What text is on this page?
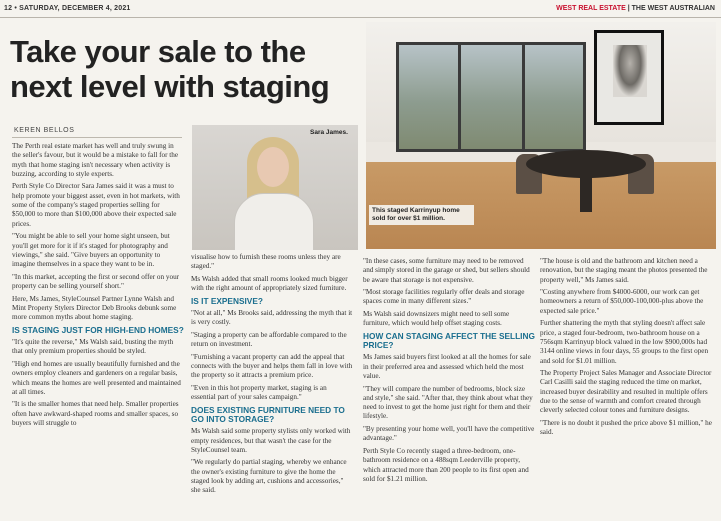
12 • SATURDAY, DECEMBER 4, 2021	WEST REAL ESTATE | THE WEST AUSTRALIAN
Take your sale to the next level with staging
KEREN BELLOS	Sara James.
This staged Karrinyup home sold for over $1 million.

The Perth real estate market has well and truly swung in the seller's favour, but it would be a mistake to fall for the myth that home staging isn't necessary when activity is buzzing, according to style experts.

Perth Style Co Director Sara James said it was a must to help promote your biggest asset, even in hot markets, with some of the company's staged properties selling for $50,000 to more than $100,000 above their expected sale prices.

"You might be able to sell your home sight unseen, but you'll get more for it if it's staged for photography and viewings," she said. "Give buyers an opportunity to imagine themselves in a space they want to be in.

"In this market, accepting the first or second offer on your property can be selling yourself short."

Here, Ms James, StyleCounsel Partner Lynne Walsh and Mint Property Stylers Director Deb Brooks debunk some more common myths about home staging.

IS STAGING JUST FOR HIGH-END HOMES?

"It's quite the reverse," Ms Walsh said, busting the myth that only premium properties should be styled.

"High end homes are usually beautifully furnished and the owners employ cleaners and gardeners on a regular basis, which means the homes are well presented and maintained at all times.

"It is the smaller homes that need help. Smaller properties often have awkward-shaped rooms and smaller spaces, so buyers will struggle to

visualise how to furnish these rooms unless they are staged."

Ms Walsh added that small rooms looked much bigger with the right amount of appropriately sized furniture.

IS IT EXPENSIVE?

"Not at all," Ms Brooks said, addressing the myth that it is very costly.

"Staging a property can be affordable compared to the return on investment.

"Furnishing a vacant property can add the appeal that connects with the buyer and helps them fall in love with the property so it attracts a premium price.

"Even in this hot property market, staging is an essential part of your sales campaign."

DOES EXISTING FURNITURE NEED TO GO INTO STORAGE?

Ms Walsh said some property stylists only worked with empty residences, but that wasn't the case for the StyleCounsel team.

"We regularly do partial staging, whereby we enhance the owner's existing furniture to give the home the staged look by adding art, cushions and accessories," she said.

"In these cases, some furniture may need to be removed and simply stored in the garage or shed, but sellers should be aware that storage is not expensive.

"Most storage facilities regularly offer deals and storage spaces come in many different sizes."

Ms Walsh said downsizers might need to sell some furniture, which would help offset staging costs.

HOW CAN STAGING AFFECT THE SELLING PRICE?

Ms James said buyers first looked at all the homes for sale in their preferred area and assessed which held the most value.

"They will compare the number of bedrooms, block size and style," she said. "After that, they think about what they need to invest to get the home just right for them and their lifestyle.

"By presenting your home well, you'll have the competitive advantage."

Perth Style Co recently staged a three-bedroom, one-bathroom residence on a 488sqm Leederville property, which attracted more than 200 people to its first open and sold for $1.21 million.

"The house is old and the bathroom and kitchen need a renovation, but the staging meant the photos presented the property well," Ms James said.

"Costing anywhere from $4000-6000, our work can get homeowners a return of $50,000-100,000-plus above the expected sale price."

Further shattering the myth that styling doesn't affect sale price, a staged four-bedroom, two-bathroom house on a 756sqm Karrinyup block valued in the low $900,000s had 3144 online views in four days, 55 groups to the first open and sold for $1.01 million.

The Property Project Sales Manager and Associate Director Carl Casilli said the staging reduced the time on market, increased buyer desirability and resulted in multiple offers due to the sense of warmth and comfort created through cleverly selected colour tones and furniture designs.

"There is no doubt it pushed the price above $1 million," he said.
